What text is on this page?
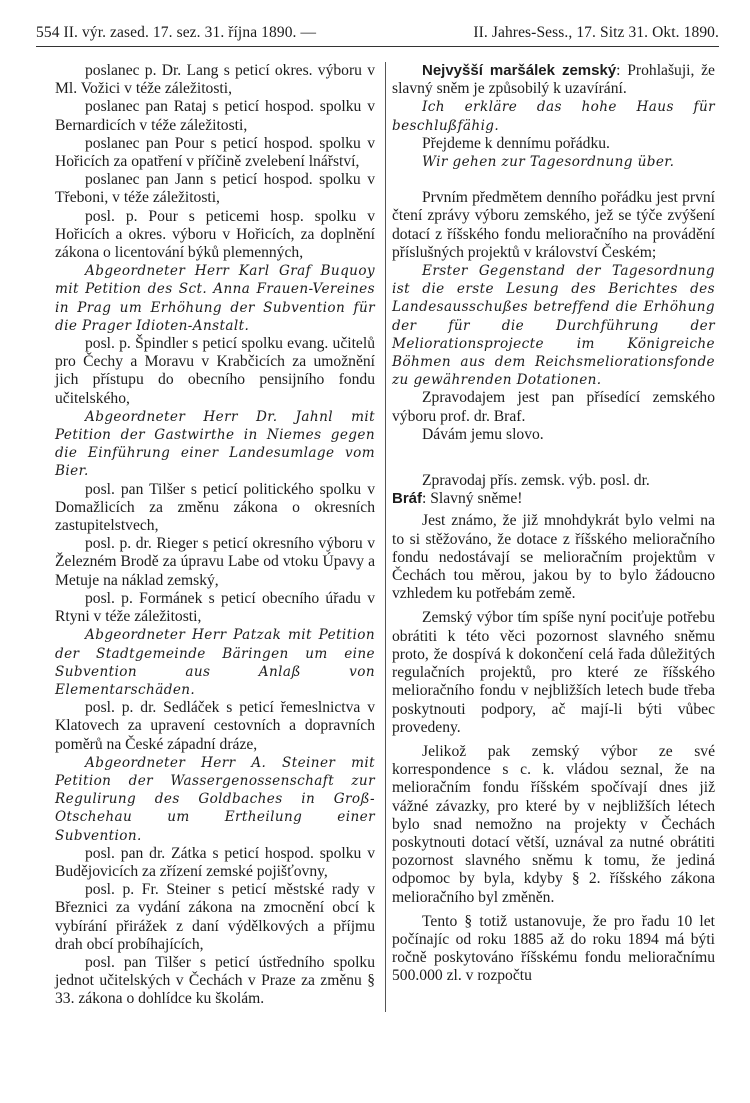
554 II. výr. zased. 17. sez. 31. října 1890. —	II. Jahres-Sess., 17. Sitz 31. Okt. 1890.

poslanec p. Dr. Lang s peticí okres. výboru v Ml. Vožici v téže záležitosti,

poslanec pan Rataj s peticí hospod. spolku v Bernardicích v téže záležitosti,

poslanec pan Pour s peticí hospod. spolku v Hořicích za opatření v příčině zvelebení lnářství,

poslanec pan Jann s peticí hospod. spolku v Třeboni, v téže záležitosti,

posl. p. Pour s peticemi hosp. spolku v Hořicích a okres. výboru v Hořicích, za doplnění zákona o licentování býků plemenných,

Abgeordneter Herr Karl Graf Buquoy mit Petition des Sct. Anna Frauen-Vereines in Prag um Erhöhung der Subvention für die Prager Idioten-Anstalt.

posl. p. Špindler s peticí spolku evang. učitelů pro Čechy a Moravu v Krabčicích za umožnění jich přístupu do obecního pensijního fondu učitelského,

Abgeordneter Herr Dr. Jahnl mit Petition der Gastwirthe in Niemes gegen die Einführung einer Landesumlage vom Bier.

posl. pan Tilšer s peticí politického spolku v Domažlicích za změnu zákona o okresních zastupitelstvech,

posl. p. dr. Rieger s peticí okresního výboru v Železném Brodě za úpravu Labe od vtoku Úpavy a Metuje na náklad zemský,

posl. p. Formánek s peticí obecního úřadu v Rtyni v téže záležitosti,

Abgeordneter Herr Patzak mit Petition der Stadtgemeinde Bäringen um eine Subvention aus Anlaß von Elementarschäden.

posl. p. dr. Sedláček s peticí řemeslnictva v Klatovech za upravení cestovních a dopravních poměrů na České západní dráze,

Abgeordneter Herr A. Steiner mit Petition der Wassergenossenschaft zur Regulirung des Goldbaches in Groß-Otschehau um Ertheilung einer Subvention.

posl. pan dr. Zátka s peticí hospod. spolku v Budějovicích za zřízení zemské pojišťovny,

posl. p. Fr. Steiner s peticí městské rady v Březnici za vydání zákona na zmocnění obcí k vybírání přirážek z daní výdělkových a příjmu drah obcí probíhajících,

posl. pan Tilšer s peticí ústředního spolku jednot učitelských v Čechách v Praze za změnu § 33. zákona o dohlídce ku školám.

Nejvyšší maršálek zemský: Prohlašuji, že slavný sněm je způsobilý k uzavírání.

Ich erkläre das hohe Haus für beschlußfähig.

Přejdeme k dennímu pořádku.

Wir gehen zur Tagesordnung über.

Prvním předmětem denního pořádku jest první čtení zprávy výboru zemského, jež se týče zvýšení dotací z říšského fondu melioračního na provádění příslušných projektů v království Českém;

Erster Gegenstand der Tagesordnung ist die erste Lesung des Berichtes des Landesausschußes betreffend die Erhöhung der für die Durchführung der Meliorationsprojecte im Königreiche Böhmen aus dem Reichsmeliorationsfonde zu gewährenden Dotationen.

Zpravodajem jest pan přísedící zemského výboru prof. dr. Braf.

Dávám jemu slovo.

Zpravodaj přís. zemsk. výb. posl. dr.

Bráf: Slavný sněme!

Jest známo, že již mnohdykrát bylo velmi na to si stěžováno, že dotace z říšského melioračního fondu nedostávají se melioračním projektům v Čechách tou měrou, jakou by to bylo žádoucno vzhledem ku potřebám země.

Zemský výbor tím spíše nyní pociťuje potřebu obrátiti k této věci pozornost slavného sněmu proto, že dospívá k dokončení celá řada důležitých regulačních projektů, pro které ze říšského melioračního fondu v nejbližších letech bude třeba poskytnouti podpory, ač mají-li býti vůbec provedeny.

Jelikož pak zemský výbor ze své korrespondence s c. k. vládou seznal, že na melioračním fondu říšském spočívají dnes již vážné závazky, pro které by v nejbližších létech bylo snad nemožno na projekty v Čechách poskytnouti dotací větší, uznával za nutné obrátiti pozornost slavného sněmu k tomu, že jediná odpomoc by byla, kdyby § 2. říšského zákona melioračního byl změněn.

Tento § totiž ustanovuje, že pro řadu 10 let počínajíc od roku 1885 až do roku 1894 má býti ročně poskytováno říšskému fondu melioračnímu 500.000 zl. v rozpočtu
